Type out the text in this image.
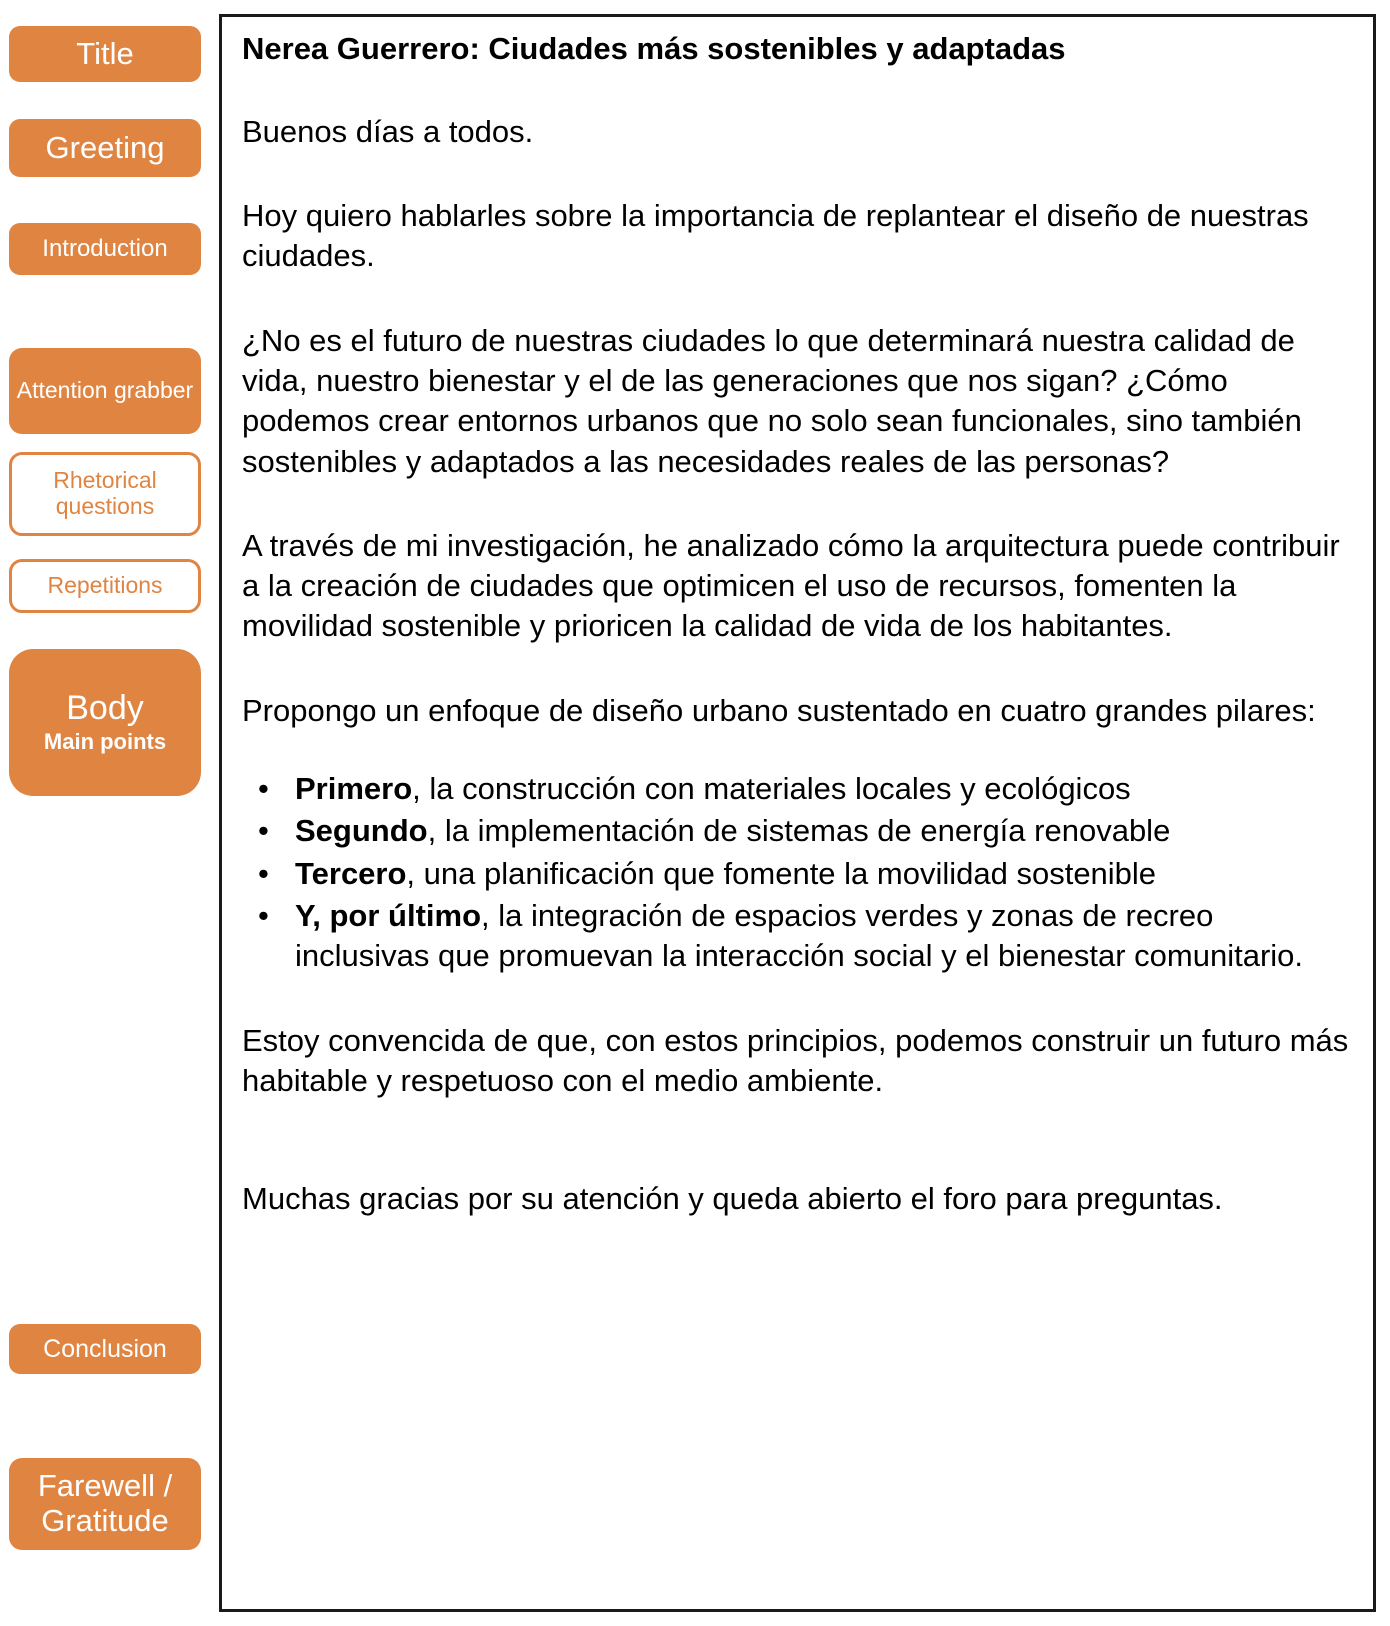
Title
Greeting
Introduction
Attention grabber
Rhetorical questions
Repetitions
Body
Main points
Conclusion
Farewell / Gratitude

Nerea Guerrero: Ciudades más sostenibles y adaptadas

Buenos días a todos.

Hoy quiero hablarles sobre la importancia de replantear el diseño de nuestras ciudades.

¿No es el futuro de nuestras ciudades lo que determinará nuestra calidad de vida, nuestro bienestar y el de las generaciones que nos sigan? ¿Cómo podemos crear entornos urbanos que no solo sean funcionales, sino también sostenibles y adaptados a las necesidades reales de las personas?

A través de mi investigación, he analizado cómo la arquitectura puede contribuir a la creación de ciudades que optimicen el uso de recursos, fomenten la movilidad sostenible y prioricen la calidad de vida de los habitantes.

Propongo un enfoque de diseño urbano sustentado en cuatro grandes pilares:

• Primero, la construcción con materiales locales y ecológicos
• Segundo, la implementación de sistemas de energía renovable
• Tercero, una planificación que fomente la movilidad sostenible
• Y, por último, la integración de espacios verdes y zonas de recreo inclusivas que promuevan la interacción social y el bienestar comunitario.

Estoy convencida de que, con estos principios, podemos construir un futuro más habitable y respetuoso con el medio ambiente.

Muchas gracias por su atención y queda abierto el foro para preguntas.
